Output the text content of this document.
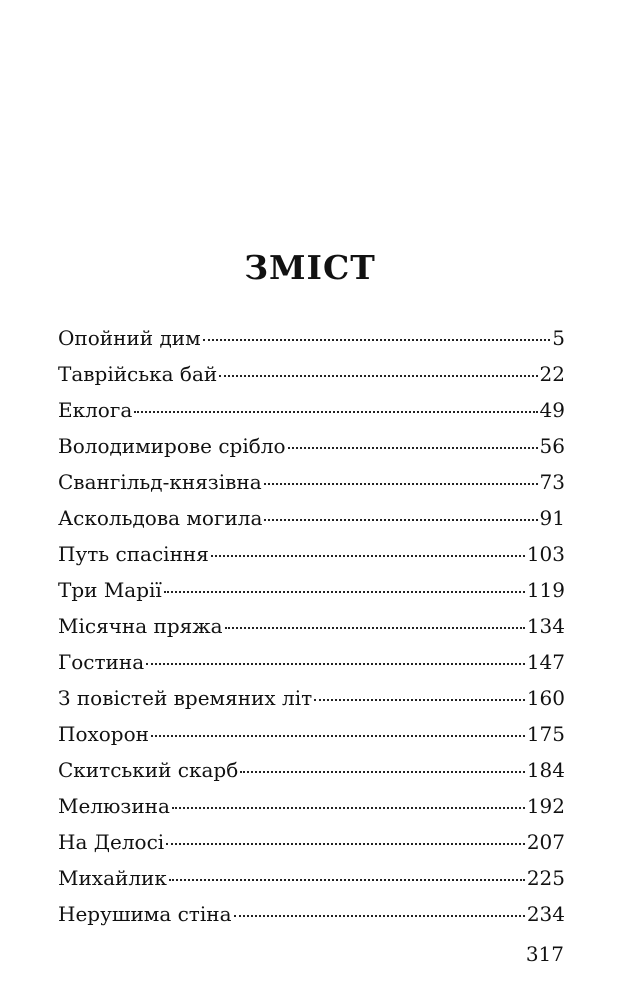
ЗМІСТ
Опойний дим	5
Таврійська бай	22
Еклога	49
Володимирове срібло	56
Свангільд-князівна	73
Аскольдова могила	91
Путь спасіння	103
Три Марії	119
Місячна пряжа	134
Гостина	147
З повістей времяних літ	160
Похорон	175
Скитський скарб	184
Мелюзина	192
На Делосі	207
Михайлик	225
Нерушима стіна	234
317
